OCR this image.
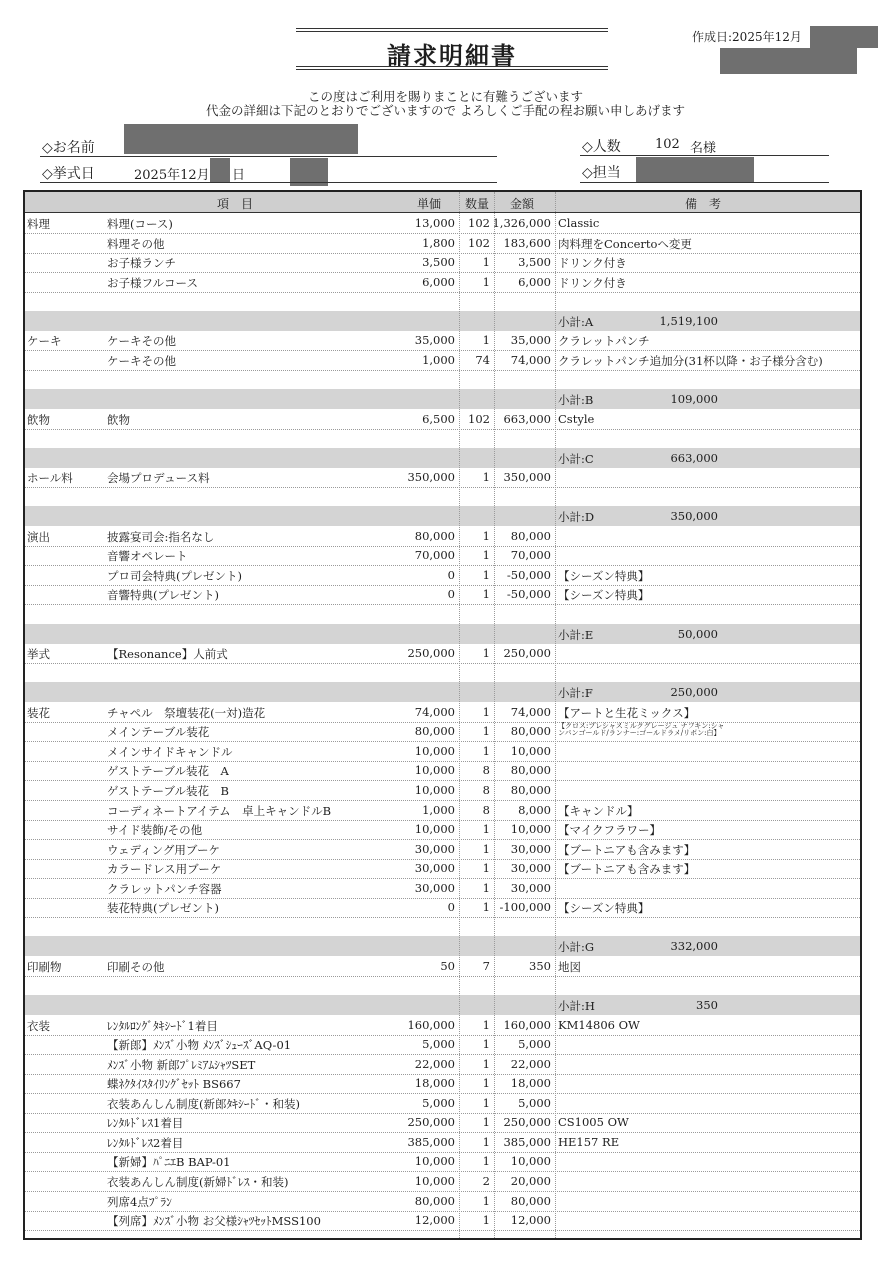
請求明細書
作成日:2025年12月
この度はご利用を賜りまことに有難うございます
代金の詳細は下記のとおりでございますので よろしくご手配の程お願い申しあげます
◇お名前
◇挙式日	2025年12月 日
◇人数	102 名様
◇担当
項　目	単価 数量 金額	備　考
料理	料理(コース)	13,000 102 1,326,000 Classic
料理その他	1,800 102 183,600 肉料理をConcertoへ変更
お子様ランチ	3,500 1 3,500 ドリンク付き
お子様フルコース	6,000 1 6,000 ドリンク付き
小計:A	1,519,100
ケーキ	ケーキその他	35,000 1 35,000 クラレットパンチ
ケーキその他	1,000 74 74,000 クラレットパンチ追加分(31杯以降・お子様分含む)
小計:B	109,000
飲物	飲物	6,500 102 663,000 Cstyle
小計:C	663,000
ホール料	会場プロデュース料	350,000 1 350,000
小計:D	350,000
演出	披露宴司会:指名なし	80,000 1 80,000
音響オペレート	70,000 1 70,000
プロ司会特典(プレゼント)	0 1 -50,000 【シーズン特典】
音響特典(プレゼント)	0 1 -50,000 【シーズン特典】
小計:E	50,000
挙式	【Resonance】人前式	250,000 1 250,000
小計:F	250,000
装花	チャペル　祭壇装花(一対)造花	74,000 1 74,000 【アートと生花ミックス】
メインテーブル装花	80,000 1 80,000 【クロス:プレシャスミルクグレージュ ナフキン:シャンパンゴールド/ランナー:ゴールドラメ/リボン:白】
メインサイドキャンドル	10,000 1 10,000
ゲストテーブル装花　A	10,000 8 80,000
ゲストテーブル装花　B	10,000 8 80,000
コーディネートアイテム　卓上キャンドルB	1,000 8 8,000 【キャンドル】
サイド装飾/その他	10,000 1 10,000 【マイクフラワー】
ウェディング用ブーケ	30,000 1 30,000 【ブートニアも含みます】
カラードレス用ブーケ	30,000 1 30,000 【ブートニアも含みます】
クラレットパンチ容器	30,000 1 30,000
装花特典(プレゼント)	0 1 -100,000 【シーズン特典】
小計:G	332,000
印刷物	印刷その他	50 7	350 地図
小計:H	350
衣装	ﾚﾝﾀﾙﾛﾝｸﾞﾀｷｼｰﾄﾞ1着目	160,000 1 160,000 KM14806 OW
【新郎】ﾒﾝｽﾞ小物 ﾒﾝｽﾞｼｭｰｽﾞAQ-01	5,000 1 5,000
ﾒﾝｽﾞ小物 新郎ﾌﾟﾚﾐｱﾑｼｬﾂSET	22,000 1 22,000
蝶ﾈｸﾀｲｽﾀｲﾘﾝｸﾞｾｯﾄ BS667	18,000 1 18,000
衣装あんしん制度(新郎ﾀｷｼｰﾄﾞ・和装)	5,000 1 5,000
ﾚﾝﾀﾙﾄﾞﾚｽ1着目	250,000 1 250,000 CS1005 OW
ﾚﾝﾀﾙﾄﾞﾚｽ2着目	385,000 1 385,000 HE157 RE
【新婦】ﾊﾟﾆｴB BAP-01	10,000 1 10,000
衣装あんしん制度(新婦ﾄﾞﾚｽ・和装)	10,000 2 20,000
列席4点ﾌﾟﾗﾝ	80,000 1 80,000
【列席】ﾒﾝｽﾞ小物 お父様ｼｬﾂｾｯﾄMSS100	12,000 1 12,000
